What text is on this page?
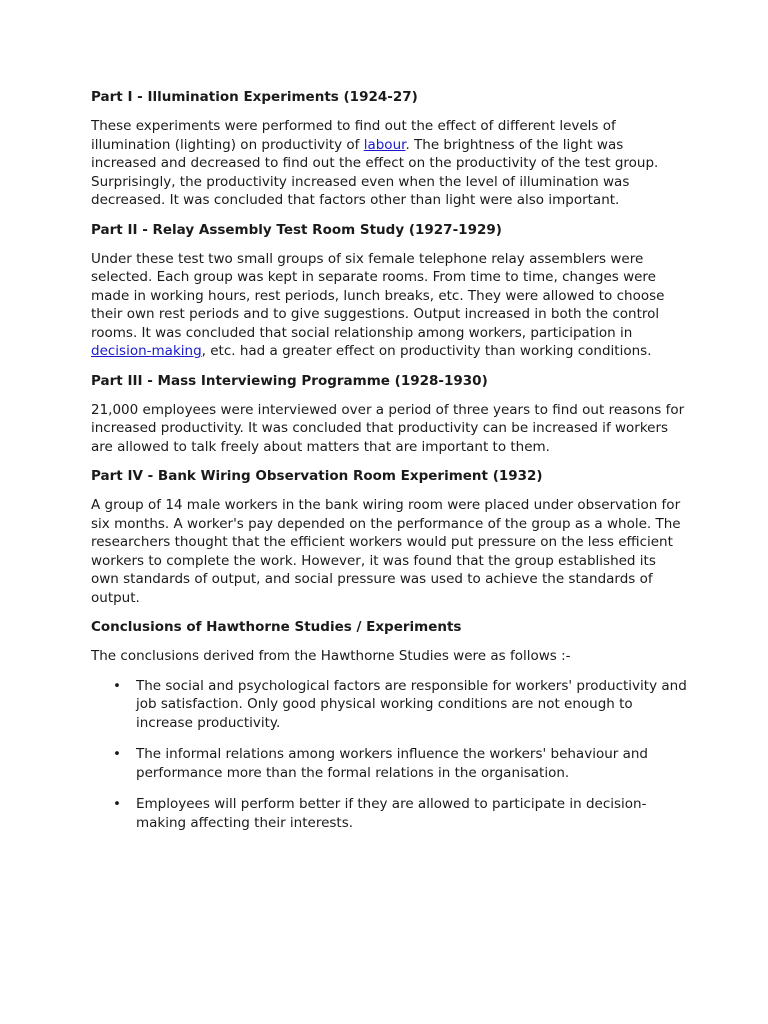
Part I - Illumination Experiments (1924-27)

These experiments were performed to find out the effect of different levels of illumination (lighting) on productivity of labour. The brightness of the light was increased and decreased to find out the effect on the productivity of the test group. Surprisingly, the productivity increased even when the level of illumination was decreased. It was concluded that factors other than light were also important.

Part II - Relay Assembly Test Room Study (1927-1929)

Under these test two small groups of six female telephone relay assemblers were selected. Each group was kept in separate rooms. From time to time, changes were made in working hours, rest periods, lunch breaks, etc. They were allowed to choose their own rest periods and to give suggestions. Output increased in both the control rooms. It was concluded that social relationship among workers, participation in decision-making, etc. had a greater effect on productivity than working conditions.

Part III - Mass Interviewing Programme (1928-1930)

21,000 employees were interviewed over a period of three years to find out reasons for increased productivity. It was concluded that productivity can be increased if workers are allowed to talk freely about matters that are important to them.

Part IV - Bank Wiring Observation Room Experiment (1932)

A group of 14 male workers in the bank wiring room were placed under observation for six months. A worker's pay depended on the performance of the group as a whole. The researchers thought that the efficient workers would put pressure on the less efficient workers to complete the work. However, it was found that the group established its own standards of output, and social pressure was used to achieve the standards of output.

Conclusions of Hawthorne Studies / Experiments

The conclusions derived from the Hawthorne Studies were as follows :-

• The social and psychological factors are responsible for workers' productivity and job satisfaction. Only good physical working conditions are not enough to increase productivity.
• The informal relations among workers influence the workers' behaviour and performance more than the formal relations in the organisation.
• Employees will perform better if they are allowed to participate in decision-making affecting their interests.
